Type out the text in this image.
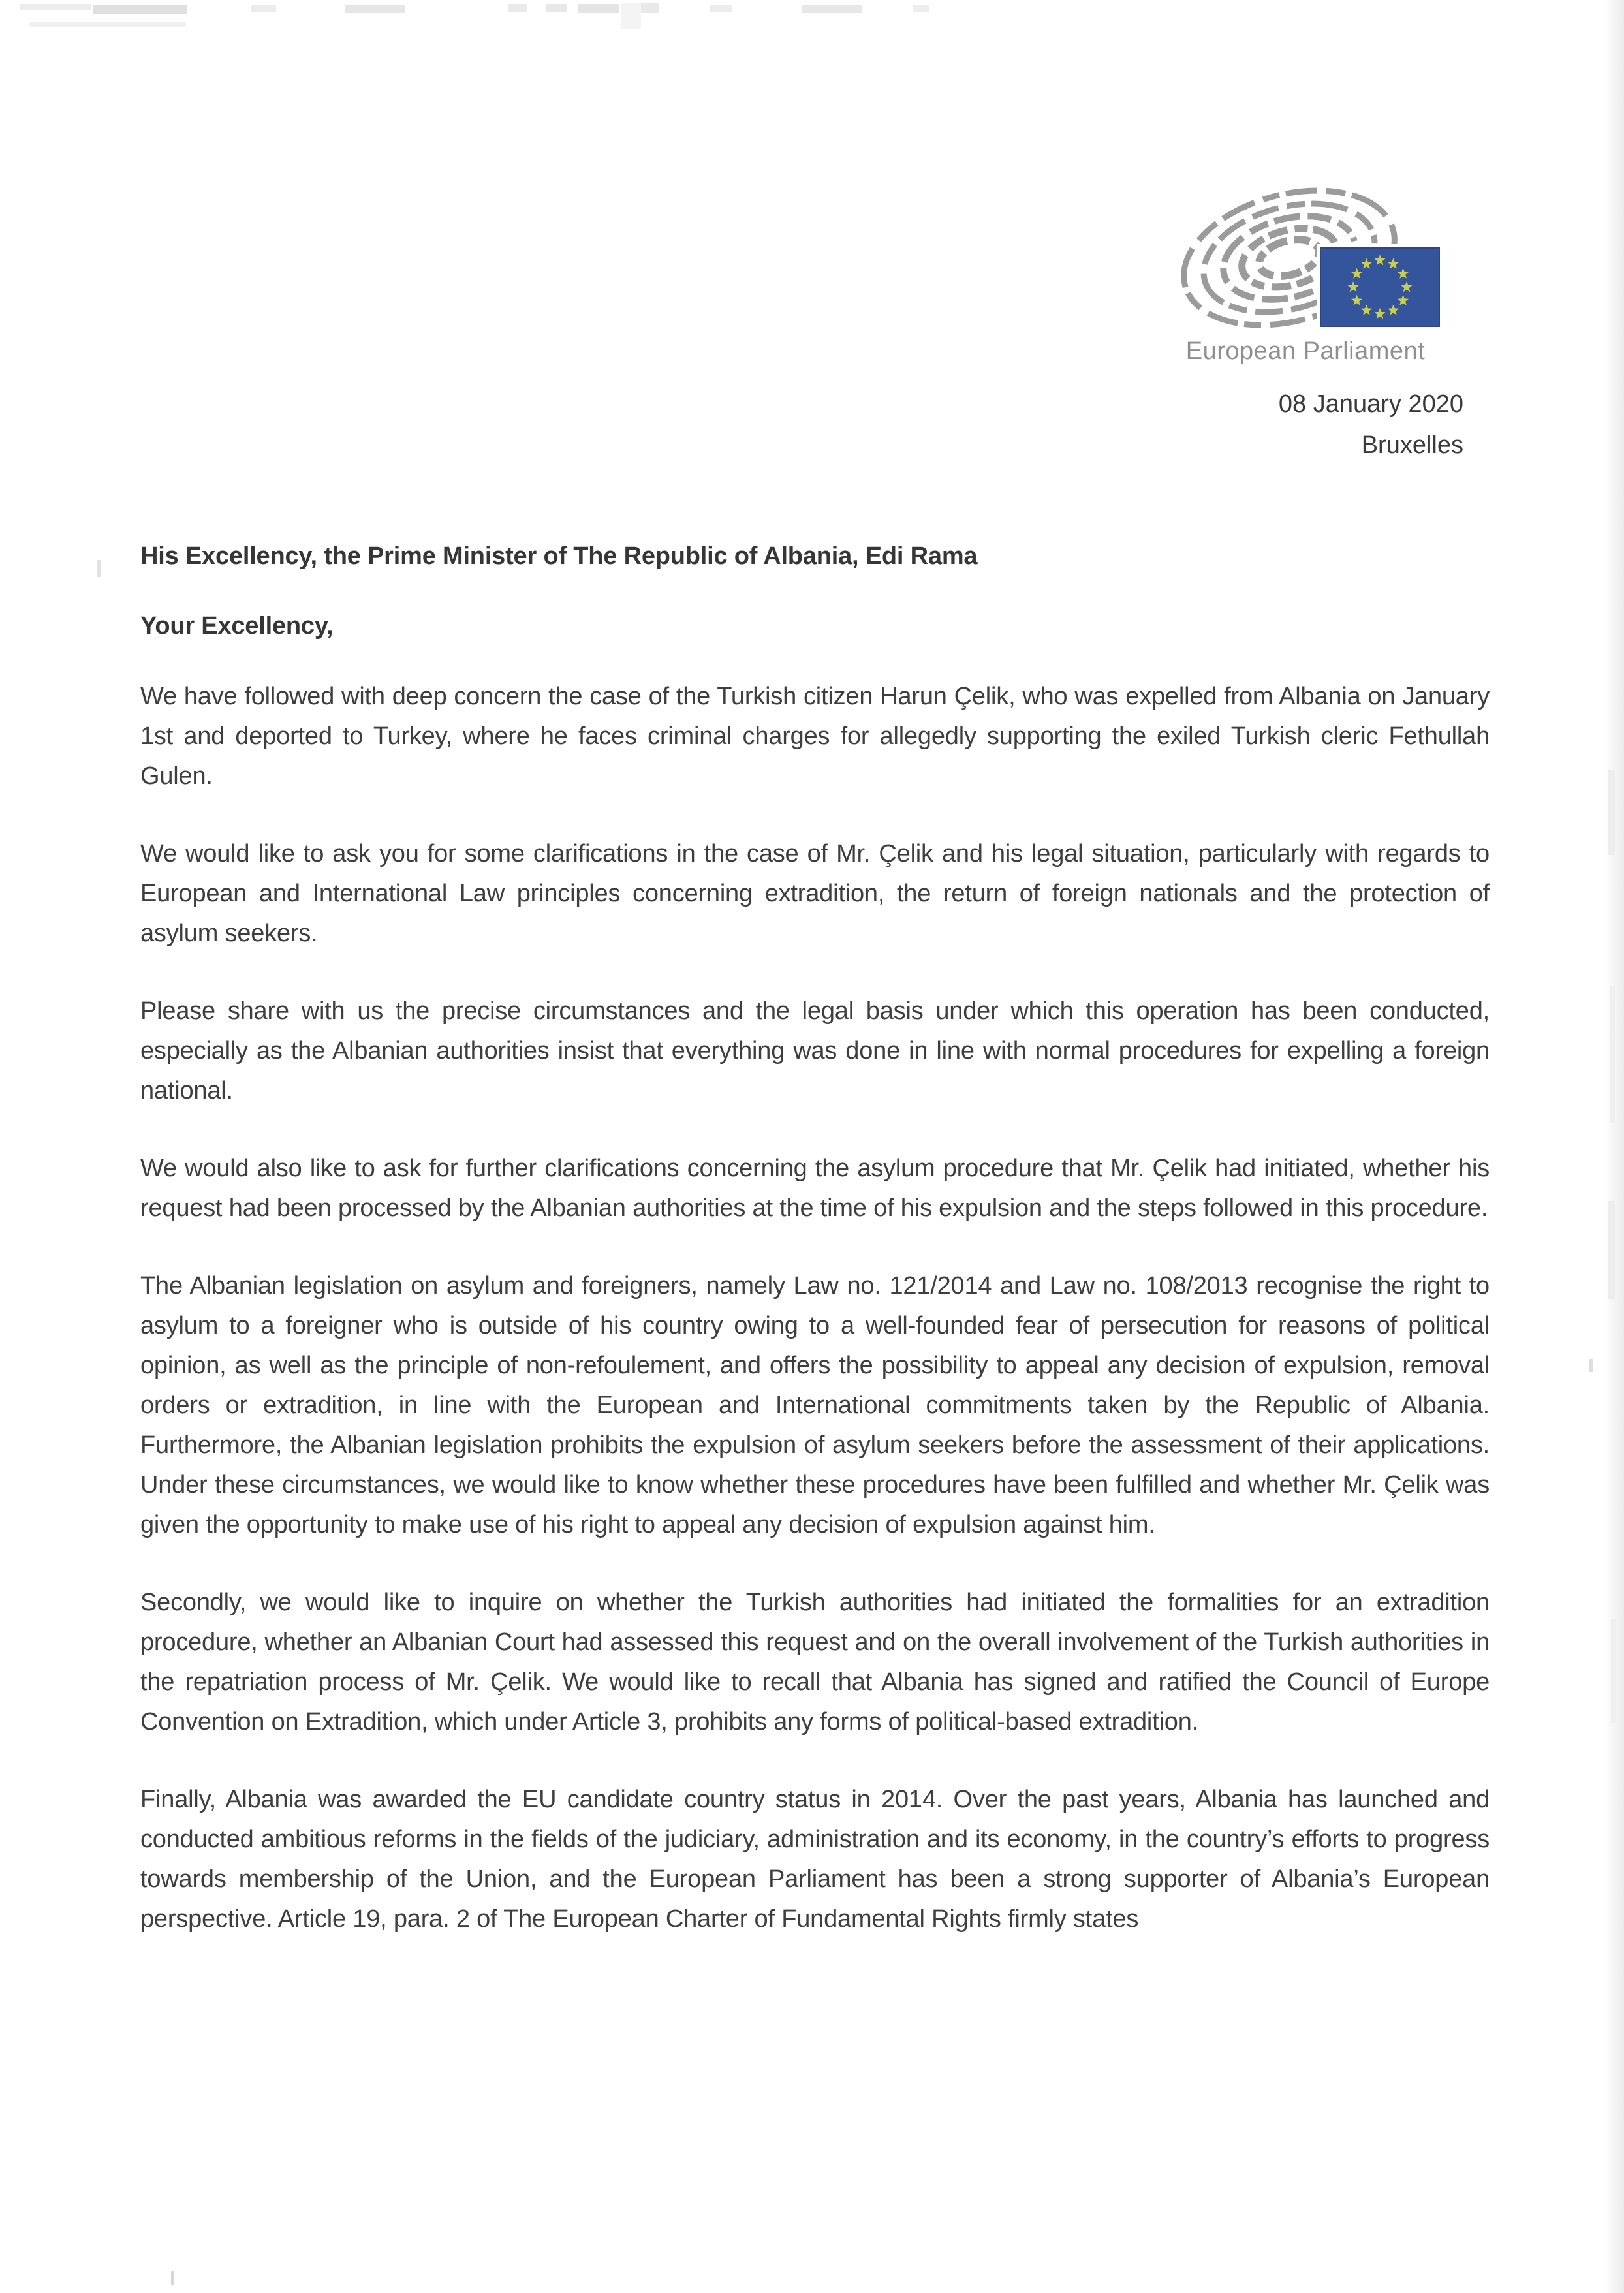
European Parliament
08 January 2020
Bruxelles

His Excellency, the Prime Minister of The Republic of Albania, Edi Rama

Your Excellency,

We have followed with deep concern the case of the Turkish citizen Harun Çelik, who was expelled from Albania on January 1st and deported to Turkey, where he faces criminal charges for allegedly supporting the exiled Turkish cleric Fethullah Gulen.

We would like to ask you for some clarifications in the case of Mr. Çelik and his legal situation, particularly with regards to European and International Law principles concerning extradition, the return of foreign nationals and the protection of asylum seekers.

Please share with us the precise circumstances and the legal basis under which this operation has been conducted, especially as the Albanian authorities insist that everything was done in line with normal procedures for expelling a foreign national.

We would also like to ask for further clarifications concerning the asylum procedure that Mr. Çelik had initiated, whether his request had been processed by the Albanian authorities at the time of his expulsion and the steps followed in this procedure.

The Albanian legislation on asylum and foreigners, namely Law no. 121/2014 and Law no. 108/2013 recognise the right to asylum to a foreigner who is outside of his country owing to a well-founded fear of persecution for reasons of political opinion, as well as the principle of non-refoulement, and offers the possibility to appeal any decision of expulsion, removal orders or extradition, in line with the European and International commitments taken by the Republic of Albania. Furthermore, the Albanian legislation prohibits the expulsion of asylum seekers before the assessment of their applications. Under these circumstances, we would like to know whether these procedures have been fulfilled and whether Mr. Çelik was given the opportunity to make use of his right to appeal any decision of expulsion against him.

Secondly, we would like to inquire on whether the Turkish authorities had initiated the formalities for an extradition procedure, whether an Albanian Court had assessed this request and on the overall involvement of the Turkish authorities in the repatriation process of Mr. Çelik. We would like to recall that Albania has signed and ratified the Council of Europe Convention on Extradition, which under Article 3, prohibits any forms of political-based extradition.

Finally, Albania was awarded the EU candidate country status in 2014. Over the past years, Albania has launched and conducted ambitious reforms in the fields of the judiciary, administration and its economy, in the country’s efforts to progress towards membership of the Union, and the European Parliament has been a strong supporter of Albania’s European perspective. Article 19, para. 2 of The European Charter of Fundamental Rights firmly states
